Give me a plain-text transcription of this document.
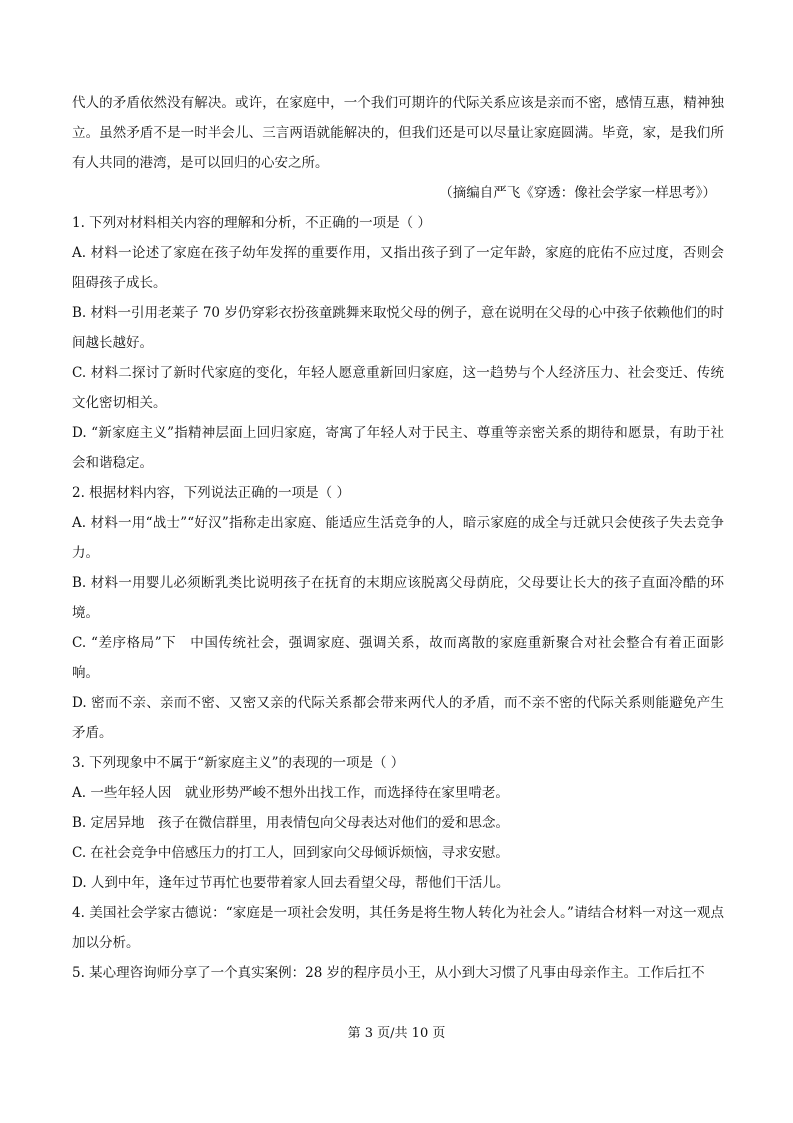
代人的矛盾依然没有解决。或许，在家庭中，一个我们可期许的代际关系应该是亲而不密，感情互惠，精神独立。虽然矛盾不是一时半会儿、三言两语就能解决的，但我们还是可以尽量让家庭圆满。毕竟，家，是我们所有人共同的港湾，是可以回归的心安之所。

（摘编自严飞《穿透：像社会学家一样思考》）

1. 下列对材料相关内容的理解和分析，不正确的一项是（ ）

A. 材料一论述了家庭在孩子幼年发挥的重要作用，又指出孩子到了一定年龄，家庭的庇佑不应过度，否则会阻碍孩子成长。

B. 材料一引用老莱子 70 岁仍穿彩衣扮孩童跳舞来取悦父母的例子，意在说明在父母的心中孩子依赖他们的时间越长越好。

C. 材料二探讨了新时代家庭的变化，年轻人愿意重新回归家庭，这一趋势与个人经济压力、社会变迁、传统文化密切相关。

D. “新家庭主义”指精神层面上回归家庭，寄寓了年轻人对于民主、尊重等亲密关系的期待和愿景，有助于社会和谐稳定。

2. 根据材料内容，下列说法正确的一项是（ ）

A. 材料一用“战士”“好汉”指称走出家庭、能适应生活竞争的人，暗示家庭的成全与迁就只会使孩子失去竞争力。

B. 材料一用婴儿必须断乳类比说明孩子在抚育的末期应该脱离父母荫庇，父母要让长大的孩子直面冷酷的环境。

C. “差序格局”下　中国传统社会，强调家庭、强调关系，故而离散的家庭重新聚合对社会整合有着正面影响。

D. 密而不亲、亲而不密、又密又亲的代际关系都会带来两代人的矛盾，而不亲不密的代际关系则能避免产生矛盾。

3. 下列现象中不属于“新家庭主义”的表现的一项是（ ）

A. 一些年轻人因　就业形势严峻不想外出找工作，而选择待在家里啃老。

B. 定居异地　孩子在微信群里，用表情包向父母表达对他们的爱和思念。

C. 在社会竞争中倍感压力的打工人，回到家向父母倾诉烦恼，寻求安慰。

D. 人到中年，逢年过节再忙也要带着家人回去看望父母，帮他们干活儿。

4. 美国社会学家古德说：“家庭是一项社会发明，其任务是将生物人转化为社会人。”请结合材料一对这一观点加以分析。

5. 某心理咨询师分享了一个真实案例：28 岁的程序员小王，从小到大习惯了凡事由母亲作主。工作后扛不

第 3 页/共 10 页
